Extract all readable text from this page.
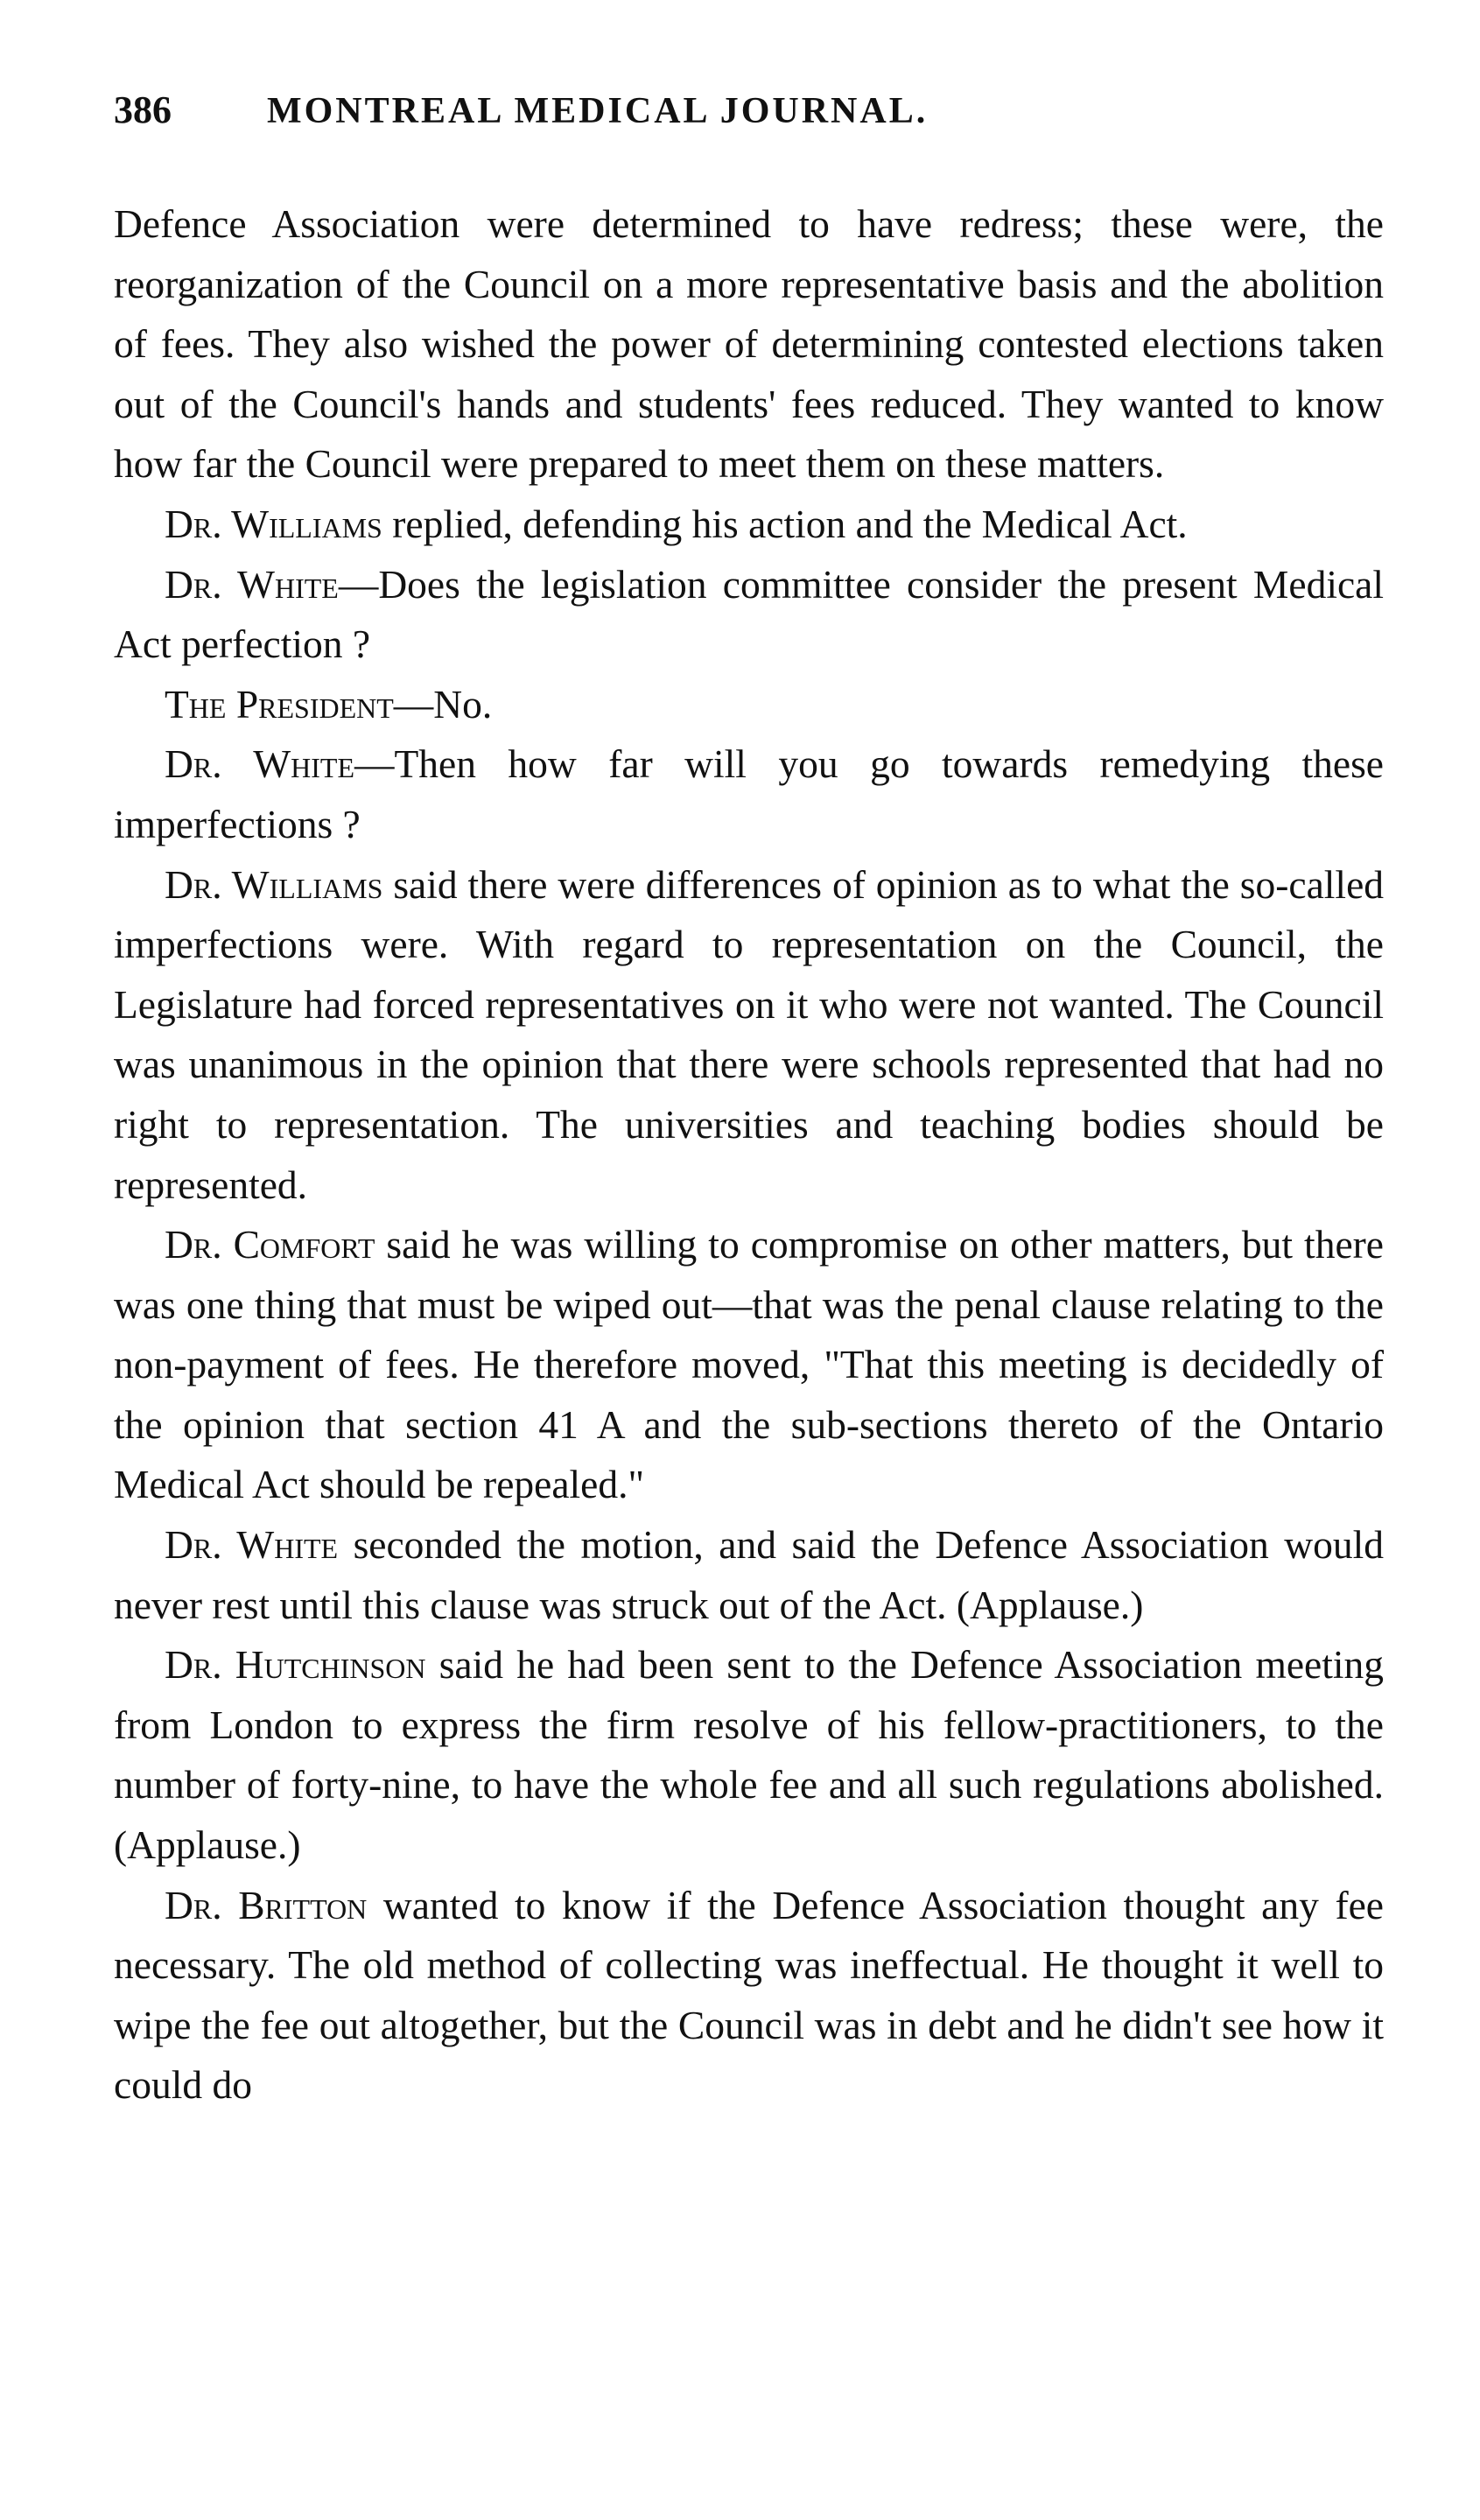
386	MONTREAL MEDICAL JOURNAL.

Defence Association were determined to have redress; these were, the reorganization of the Council on a more representative basis and the abolition of fees. They also wished the power of determining contested elections taken out of the Council's hands and students' fees reduced. They wanted to know how far the Council were prepared to meet them on these matters.

Dr. Williams replied, defending his action and the Medical Act.

Dr. White—Does the legislation committee consider the present Medical Act perfection ?

The President—No.

Dr. White—Then how far will you go towards remedying these imperfections ?

Dr. Williams said there were differences of opinion as to what the so-called imperfections were. With regard to representation on the Council, the Legislature had forced representatives on it who were not wanted. The Council was unanimous in the opinion that there were schools represented that had no right to representation. The universities and teaching bodies should be represented.

Dr. Comfort said he was willing to compromise on other matters, but there was one thing that must be wiped out—that was the penal clause relating to the non-payment of fees. He therefore moved, "That this meeting is decidedly of the opinion that section 41 A and the sub-sections thereto of the Ontario Medical Act should be repealed."

Dr. White seconded the motion, and said the Defence Association would never rest until this clause was struck out of the Act. (Applause.)

Dr. Hutchinson said he had been sent to the Defence Association meeting from London to express the firm resolve of his fellow-practitioners, to the number of forty-nine, to have the whole fee and all such regulations abolished. (Applause.)

Dr. Britton wanted to know if the Defence Association thought any fee necessary. The old method of collecting was ineffectual. He thought it well to wipe the fee out altogether, but the Council was in debt and he didn't see how it could do
